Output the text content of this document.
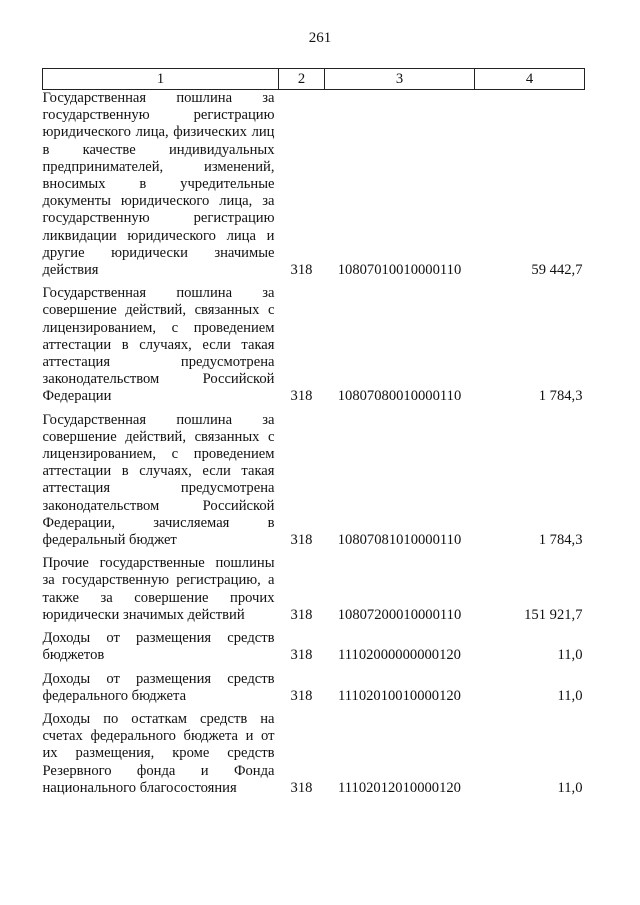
261
1	2	3	4
Государственная пошлина за государственную регистрацию юридического лица, физических лиц в качестве индивидуальных предпринимателей, изменений, вносимых в учредительные документы юридического лица, за государственную регистрацию ликвидации юридического лица и другие юридически значимые действия	318	10807010010000110	59 442,7
Государственная пошлина за совершение действий, связанных с лицензированием, с проведением аттестации в случаях, если такая аттестация предусмотрена законодательством Российской Федерации	318	10807080010000110	1 784,3
Государственная пошлина за совершение действий, связанных с лицензированием, с проведением аттестации в случаях, если такая аттестация предусмотрена законодательством Российской Федерации, зачисляемая в федеральный бюджет	318	10807081010000110	1 784,3
Прочие государственные пошлины за государственную регистрацию, а также за совершение прочих юридически значимых действий	318	10807200010000110	151 921,7
Доходы от размещения средств бюджетов	318	11102000000000120	11,0
Доходы от размещения средств федерального бюджета	318	11102010010000120	11,0
Доходы по остаткам средств на счетах федерального бюджета и от их размещения, кроме средств Резервного фонда и Фонда национального благосостояния	318	11102012010000120	11,0
